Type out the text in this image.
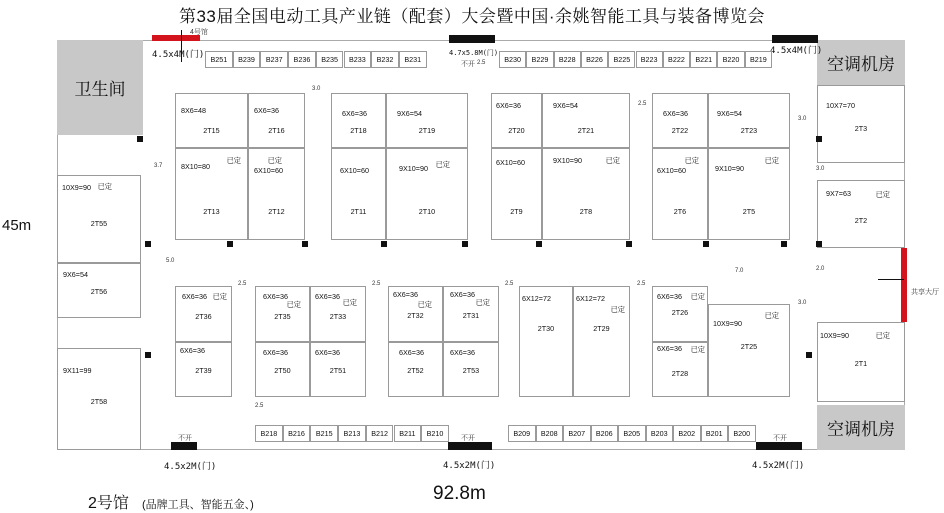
第33届全国电动工具产业链（配套）大会暨中国·余姚智能工具与装备博览会
45m
92.8m
2号馆 (品牌工具、智能五金、)
卫生间
空调机房
空调机房
4号馆
共享大厅
4.5x4M(门)	4.7x5.8M(门)
不开
4.5x4M(门)
不开	不开	不开
4.5x2M(门)	4.5x2M(门)	4.5x2M(门)
B251	B239	B237	B236	B235	B233	B232	B231	B230	B229	B228	B226	B225	B223	B222	B221	B220	B219
B218	B216	B215	B213	B212	B211	B210	B209	B208	B207	B206	B205	B203	B202	B201	B200
8X6=48
2T15
6X6=36
2T16
8X10=80
已定
2T13
6X10=60
已定
2T12
6X6=36
2T18
9X6=54
2T19
6X10=60
2T11
9X10=90 已定
2T10
6X6=36
2T20
9X6=54
2T21
6X10=60
2T9
9X10=90	已定
2T8
6X6=36
2T22
9X6=54
2T23
6X10=60
已定
2T6
9X10=90
已定
2T5
10X7=70
2T3
9X7=63	已定
2T2
10X9=90	已定
2T1
10X9=90 已定
2T55
9X6=54
2T56
9X11=99
2T58
6X6=36 已定
2T36
6X6=36
2T39
6X6=36
已定
2T35
6X6=36
已定
2T33
6X6=36
2T50
6X6=36
2T51
6X6=36
已定
2T32
6X6=36
已定
2T31
6X6=36
2T52
6X6=36
2T53
6X12=72
2T30
6X12=72
已定
2T29
6X6=36 已定
2T26
6X6=36 已定
2T28
10X9=90
已定
2T25
3.0
2.5
2.5
3.0
3.7	3.0
3.0
2.5	2.5	2.5	2.5
2.5
5.0
7.0	2.0
